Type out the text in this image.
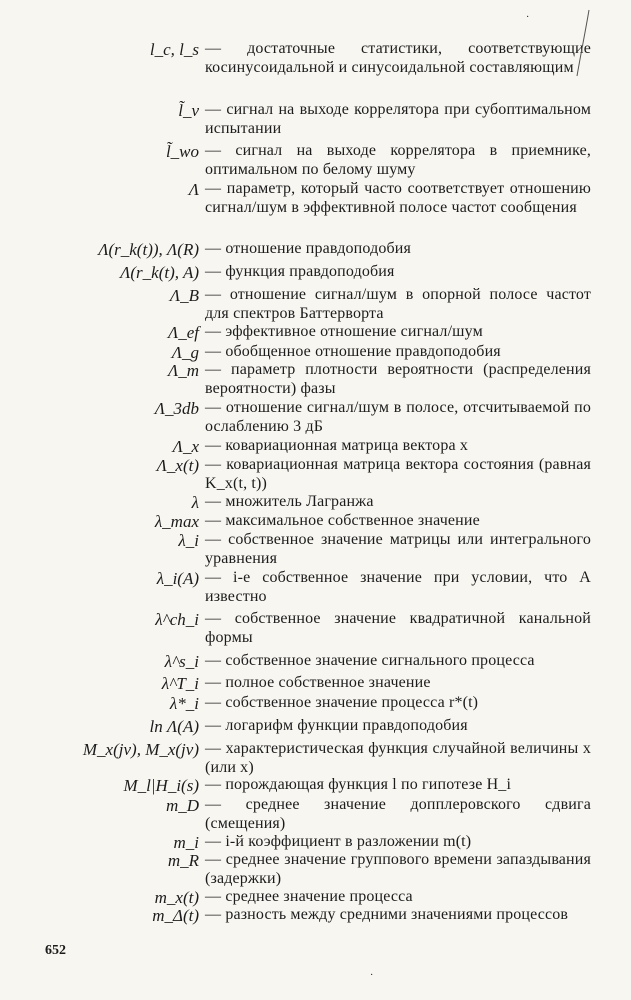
l_c, l_s	— достаточные статистики, соответствующие косинусоидальной и синусоидальной составляющим
l̃_v	— сигнал на выходе коррелятора при субоптимальном испытании
l̃_wo	— сигнал на выходе коррелятора в приемнике, оптимальном по белому шуму
Λ	— параметр, который часто соответствует отношению сигнал/шум в эффективной полосе частот сообщения
Λ(r_k(t)), Λ(R)	— отношение правдоподобия
Λ(r_k(t), A)	— функция правдоподобия
Λ_B	— отношение сигнал/шум в опорной полосе частот для спектров Баттерворта
Λ_ef	— эффективное отношение сигнал/шум
Λ_g	— обобщенное отношение правдоподобия
Λ_m	— параметр плотности вероятности (распределения вероятности) фазы
Λ_3db	— отношение сигнал/шум в полосе, отсчитываемой по ослаблению 3 дБ
Λ_x	— ковариационная матрица вектора x
Λ_x(t)	— ковариационная матрица вектора состояния (равная K_x(t, t))
λ	— множитель Лагранжа
λ_max	— максимальное собственное значение
λ_i	— собственное значение матрицы или интегрального уравнения
λ_i(A)	— i-е собственное значение при условии, что A известно
λ^ch_i	— собственное значение квадратичной канальной формы
λ^s_i	— собственное значение сигнального процесса
λ^T_i	— полное собственное значение
λ*_i	— собственное значение процесса r*(t)
ln Λ(A)	— логарифм функции правдоподобия
M_x(jv), M_x(jv)	— характеристическая функция случайной величины x (или x)
M_l|H_i(s)	— порождающая функция l по гипотезе H_i
m_D	— среднее значение допплеровского сдвига (смещения)
m_i	— i-й коэффициент в разложении m(t)
m_R	— среднее значение группового времени запаздывания (задержки)
m_x(t)	— среднее значение процесса
m_Δ(t)	— разность между средними значениями процессов
652
·
·
